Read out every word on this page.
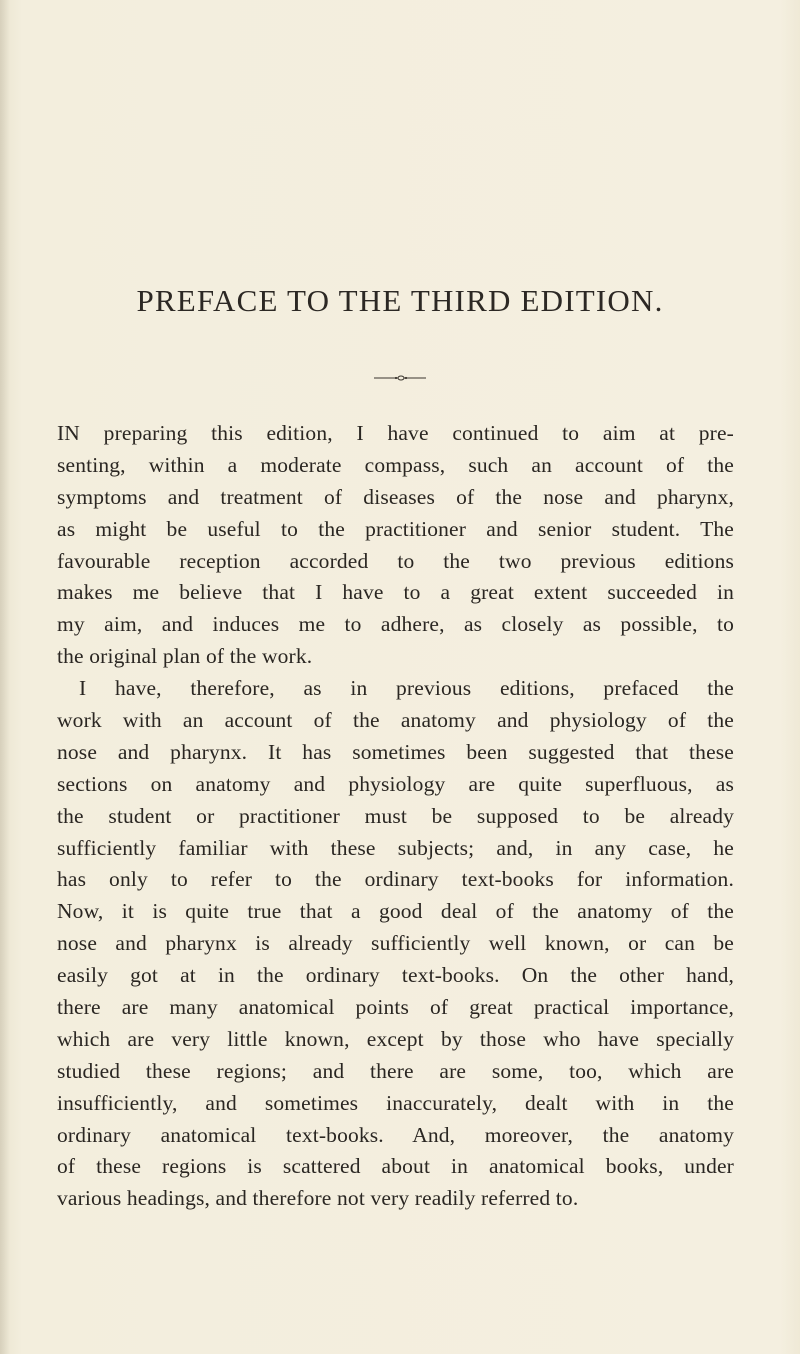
PREFACE TO THE THIRD EDITION.
IN preparing this edition, I have continued to aim at pre-
senting, within a moderate compass, such an account of the
symptoms and treatment of diseases of the nose and pharynx,
as might be useful to the practitioner and senior student. The
favourable reception accorded to the two previous editions
makes me believe that I have to a great extent succeeded in
my aim, and induces me to adhere, as closely as possible, to
the original plan of the work.
I have, therefore, as in previous editions, prefaced the
work with an account of the anatomy and physiology of the
nose and pharynx. It has sometimes been suggested that these
sections on anatomy and physiology are quite superfluous, as
the student or practitioner must be supposed to be already
sufficiently familiar with these subjects; and, in any case, he
has only to refer to the ordinary text-books for information.
Now, it is quite true that a good deal of the anatomy of the
nose and pharynx is already sufficiently well known, or can be
easily got at in the ordinary text-books. On the other hand,
there are many anatomical points of great practical importance,
which are very little known, except by those who have specially
studied these regions; and there are some, too, which are
insufficiently, and sometimes inaccurately, dealt with in the
ordinary anatomical text-books. And, moreover, the anatomy
of these regions is scattered about in anatomical books, under
various headings, and therefore not very readily referred to.
